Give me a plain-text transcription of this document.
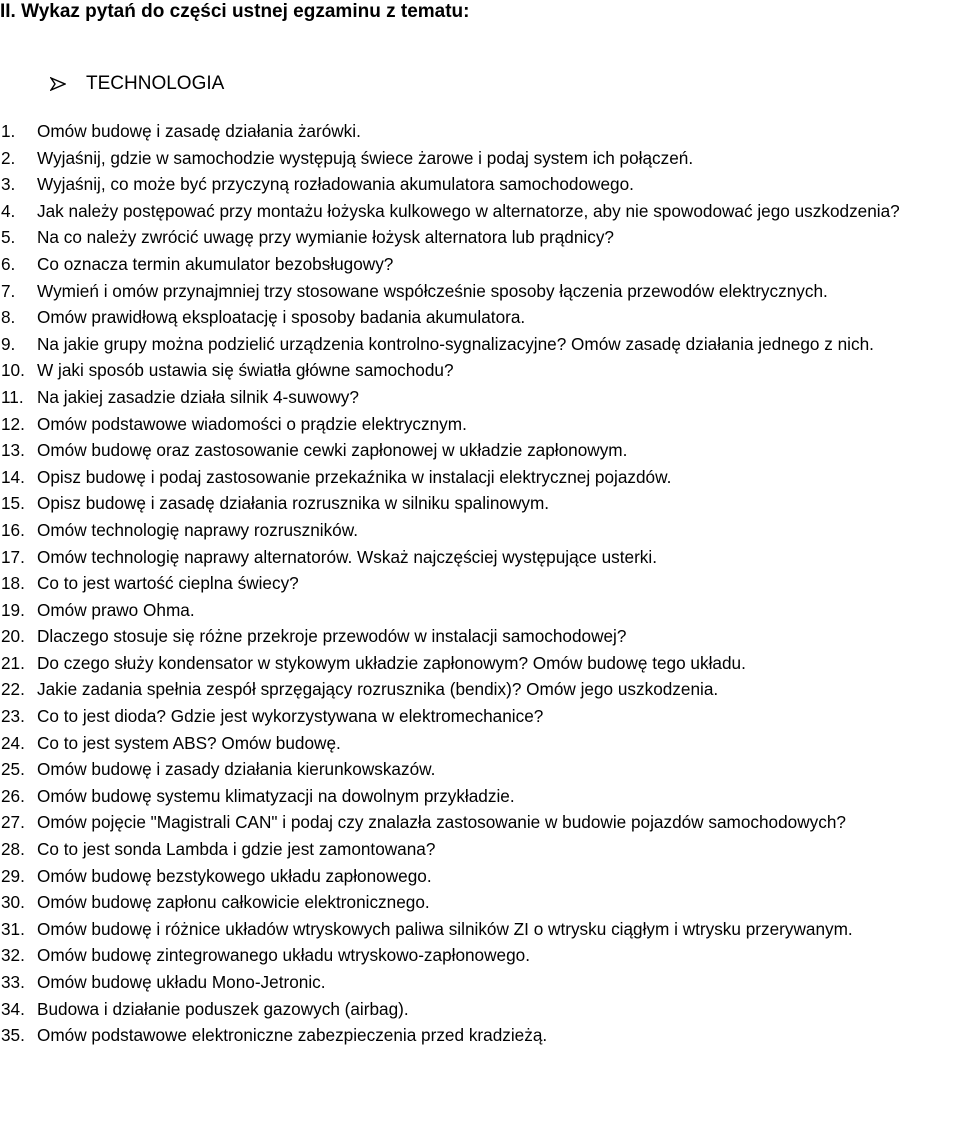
II. Wykaz pytań do części ustnej egzaminu z tematu:
TECHNOLOGIA
1. Omów budowę i zasadę działania żarówki.
2. Wyjaśnij, gdzie w samochodzie występują świece żarowe i podaj system ich połączeń.
3. Wyjaśnij, co może być przyczyną rozładowania akumulatora samochodowego.
4. Jak należy postępować przy montażu łożyska kulkowego w alternatorze, aby nie spowodować jego uszkodzenia?
5. Na co należy zwrócić uwagę przy wymianie łożysk alternatora lub prądnicy?
6. Co oznacza termin akumulator bezobsługowy?
7. Wymień i omów przynajmniej trzy stosowane współcześnie sposoby łączenia przewodów elektrycznych.
8. Omów prawidłową eksploatację i sposoby badania akumulatora.
9. Na jakie grupy można podzielić urządzenia kontrolno-sygnalizacyjne? Omów zasadę działania jednego z nich.
10. W jaki sposób ustawia się światła główne samochodu?
11. Na jakiej zasadzie działa silnik 4-suwowy?
12. Omów podstawowe wiadomości o prądzie elektrycznym.
13. Omów budowę oraz zastosowanie cewki zapłonowej w układzie zapłonowym.
14. Opisz budowę i podaj zastosowanie przekaźnika w instalacji elektrycznej pojazdów.
15. Opisz budowę i zasadę działania rozrusznika w silniku spalinowym.
16. Omów technologię naprawy rozruszników.
17. Omów technologię naprawy alternatorów. Wskaż najczęściej występujące usterki.
18. Co to jest wartość cieplna świecy?
19. Omów prawo Ohma.
20. Dlaczego stosuje się różne przekroje przewodów w instalacji samochodowej?
21. Do czego służy kondensator w stykowym układzie zapłonowym? Omów budowę tego układu.
22. Jakie zadania spełnia zespół sprzęgający rozrusznika (bendix)? Omów jego uszkodzenia.
23. Co to jest dioda? Gdzie jest wykorzystywana w elektromechanice?
24. Co to jest system ABS? Omów budowę.
25. Omów budowę i zasady działania kierunkowskazów.
26. Omów budowę systemu klimatyzacji na dowolnym przykładzie.
27. Omów pojęcie "Magistrali CAN" i podaj czy znalazła zastosowanie w budowie pojazdów samochodowych?
28. Co to jest sonda Lambda i gdzie jest zamontowana?
29. Omów budowę bezstykowego układu zapłonowego.
30. Omów budowę zapłonu całkowicie elektronicznego.
31. Omów budowę i różnice układów wtryskowych paliwa silników ZI o wtrysku ciągłym i wtrysku przerywanym.
32. Omów budowę zintegrowanego układu wtryskowo-zapłonowego.
33. Omów budowę układu Mono-Jetronic.
34. Budowa i działanie poduszek gazowych (airbag).
35. Omów podstawowe elektroniczne zabezpieczenia przed kradzieżą.
